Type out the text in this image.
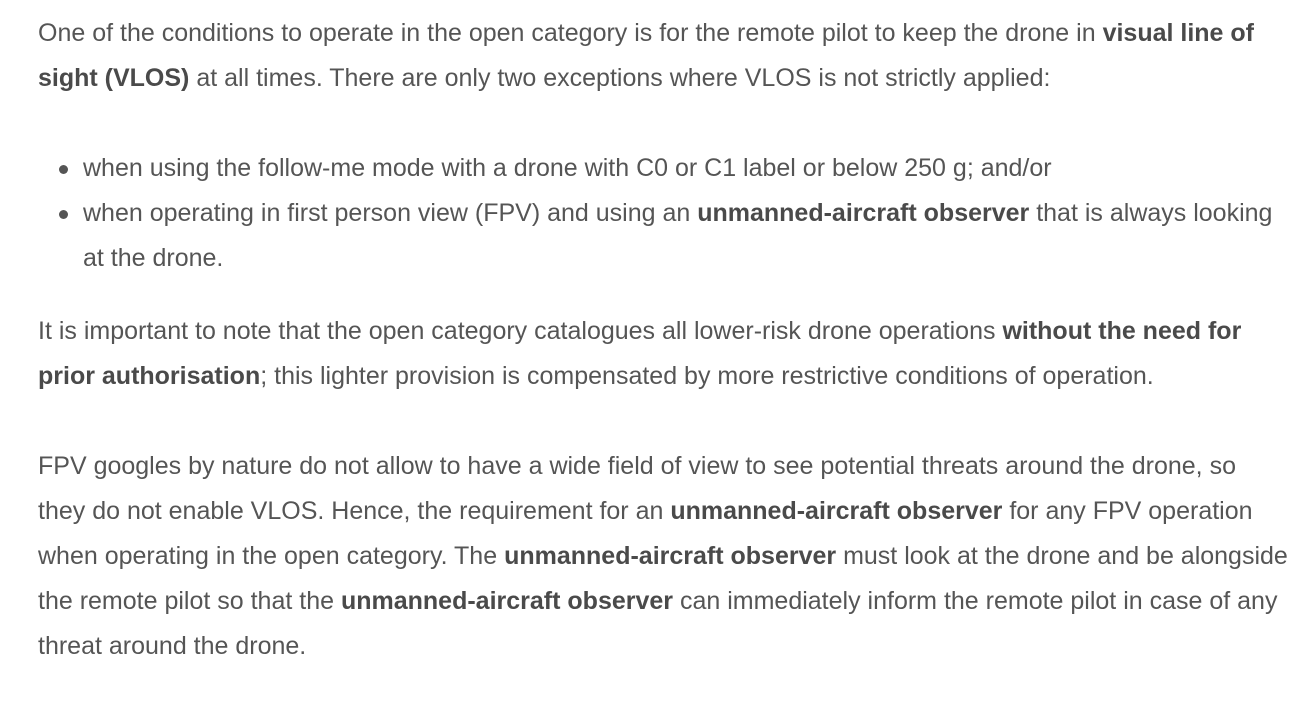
One of the conditions to operate in the open category is for the remote pilot to keep the drone in visual line of sight (VLOS) at all times. There are only two exceptions where VLOS is not strictly applied:

when using the follow-me mode with a drone with C0 or C1 label or below 250 g; and/or
when operating in first person view (FPV) and using an unmanned-aircraft observer that is always looking at the drone.

It is important to note that the open category catalogues all lower-risk drone operations without the need for prior authorisation; this lighter provision is compensated by more restrictive conditions of operation.

FPV googles by nature do not allow to have a wide field of view to see potential threats around the drone, so they do not enable VLOS. Hence, the requirement for an unmanned-aircraft observer for any FPV operation when operating in the open category. The unmanned-aircraft observer must look at the drone and be alongside the remote pilot so that the unmanned-aircraft observer can immediately inform the remote pilot in case of any threat around the drone.
